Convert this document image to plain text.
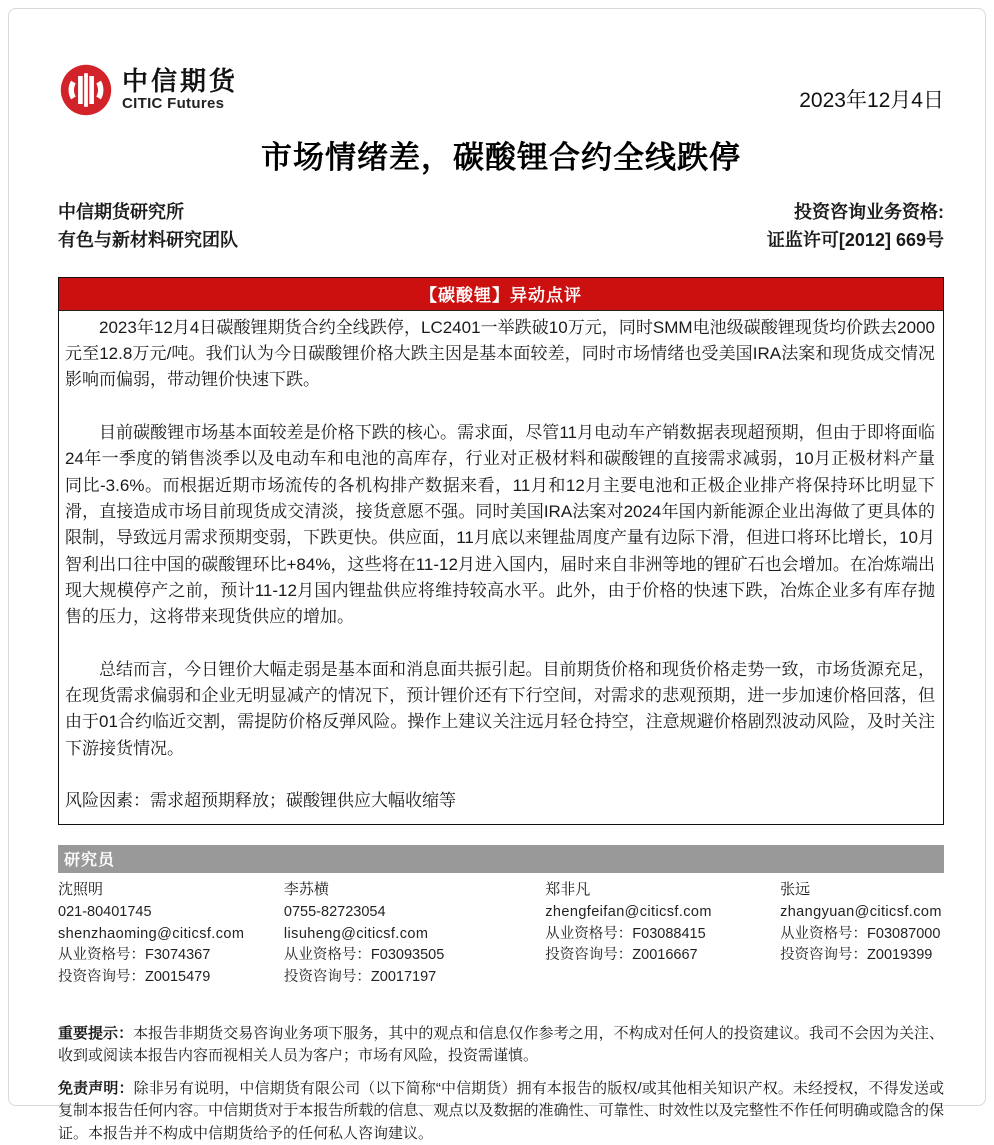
中信期货
CITIC Futures	2023年12月4日
市场情绪差，碳酸锂合约全线跌停
中信期货研究所
有色与新材料研究团队
投资咨询业务资格:
证监许可[2012] 669号
【碳酸锂】异动点评

2023年12月4日碳酸锂期货合约全线跌停，LC2401一举跌破10万元，同时SMM电池级碳酸锂现货均价跌去2000元至12.8万元/吨。我们认为今日碳酸锂价格大跌主因是基本面较差，同时市场情绪也受美国IRA法案和现货成交情况影响而偏弱，带动锂价快速下跌。

目前碳酸锂市场基本面较差是价格下跌的核心。需求面，尽管11月电动车产销数据表现超预期，但由于即将面临24年一季度的销售淡季以及电动车和电池的高库存，行业对正极材料和碳酸锂的直接需求减弱，10月正极材料产量同比-3.6%。而根据近期市场流传的各机构排产数据来看，11月和12月主要电池和正极企业排产将保持环比明显下滑，直接造成市场目前现货成交清淡，接货意愿不强。同时美国IRA法案对2024年国内新能源企业出海做了更具体的限制，导致远月需求预期变弱，下跌更快。供应面，11月底以来锂盐周度产量有边际下滑，但进口将环比增长，10月智利出口往中国的碳酸锂环比+84%，这些将在11-12月进入国内，届时来自非洲等地的锂矿石也会增加。在冶炼端出现大规模停产之前，预计11-12月国内锂盐供应将维持较高水平。此外，由于价格的快速下跌，冶炼企业多有库存抛售的压力，这将带来现货供应的增加。

总结而言，今日锂价大幅走弱是基本面和消息面共振引起。目前期货价格和现货价格走势一致，市场货源充足，在现货需求偏弱和企业无明显减产的情况下，预计锂价还有下行空间，对需求的悲观预期，进一步加速价格回落，但由于01合约临近交割，需提防价格反弹风险。操作上建议关注远月轻仓持空，注意规避价格剧烈波动风险，及时关注下游接货情况。

风险因素：需求超预期释放；碳酸锂供应大幅收缩等

研究员
沈照明
021-80401745
shenzhaoming@citicsf.com
从业资格号：F3074367
投资咨询号：Z0015479
李苏横
0755-82723054
lisuheng@citicsf.com
从业资格号：F03093505
投资咨询号：Z0017197
郑非凡
zhengfeifan@citicsf.com
从业资格号：F03088415
投资咨询号：Z0016667
张远
zhangyuan@citicsf.com
从业资格号：F03087000
投资咨询号：Z0019399
重要提示：本报告非期货交易咨询业务项下服务，其中的观点和信息仅作参考之用，不构成对任何人的投资建议。我司不会因为关注、收到或阅读本报告内容而视相关人员为客户；市场有风险，投资需谨慎。
免责声明：除非另有说明，中信期货有限公司（以下简称“中信期货）拥有本报告的版权/或其他相关知识产权。未经授权，不得发送或复制本报告任何内容。中信期货对于本报告所载的信息、观点以及数据的准确性、可靠性、时效性以及完整性不作任何明确或隐含的保证。本报告并不构成中信期货给予的任何私人咨询建议。
